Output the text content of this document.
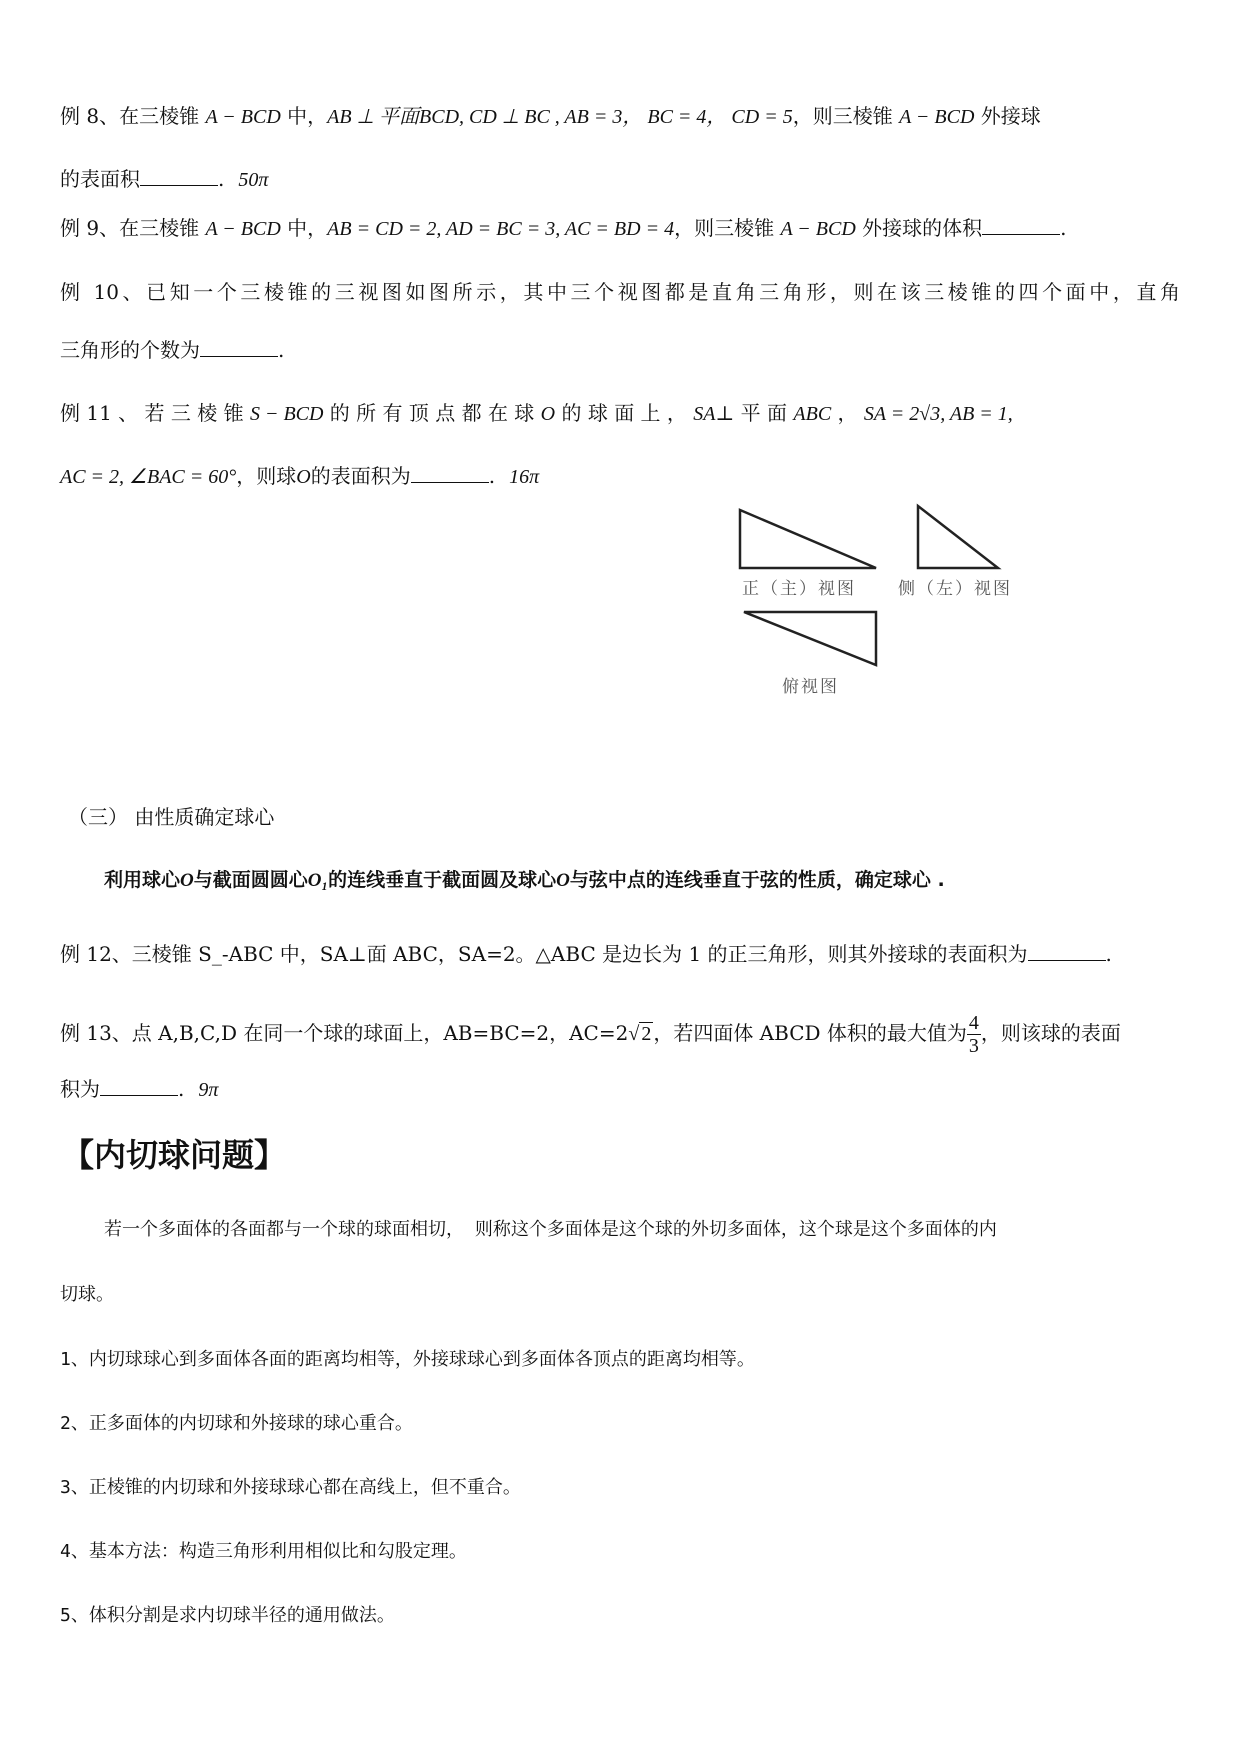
例 8、在三棱锥 A − BCD 中，AB ⊥ 平面BCD, CD ⊥ BC , AB = 3， BC = 4， CD = 5，则三棱锥 A − BCD 外接球
的表面积	. 50π
例 9、在三棱锥 A − BCD 中，AB = CD = 2, AD = BC = 3, AC = BD = 4，则三棱锥 A − BCD 外接球的体积	.
例 10、已知一个三棱锥的三视图如图所示，其中三个视图都是直角三角形，则在该三棱锥的四个面中，直角
三角形的个数为	.
例 11 、 若 三 棱 锥 S − BCD 的 所 有 顶 点 都 在 球 O 的 球 面 上 ， SA⊥ 平 面 ABC ， SA = 2√3, AB = 1,
AC = 2, ∠BAC = 60°，则球O的表面积为	. 16π
正（主）视图 侧（左）视图
俯视图
（三） 由性质确定球心
利用球心O与截面圆圆心O₁的连线垂直于截面圆及球心O与弦中点的连线垂直于弦的性质，确定球心 .
例 12、三棱锥 S_-ABC 中，SA⊥面 ABC，SA=2。△ABC 是边长为 1 的正三角形，则其外接球的表面积为	.
例 13、点 A,B,C,D 在同一个球的球面上，AB=BC=2，AC=2√ 2 ，若四面体 ABCD 体积的最大值为 $\frac{4}{3}$ ，则该球的表面
积为	. 9π
【内切球问题】
若一个多面体的各面都与一个球的球面相切， 则称这个多面体是这个球的外切多面体，这个球是这个多面体的内
切球。
1、内切球球心到多面体各面的距离均相等，外接球球心到多面体各顶点的距离均相等。
2、正多面体的内切球和外接球的球心重合。
3、正棱锥的内切球和外接球球心都在高线上，但不重合。
4、基本方法：构造三角形利用相似比和勾股定理。
5、体积分割是求内切球半径的通用做法。
